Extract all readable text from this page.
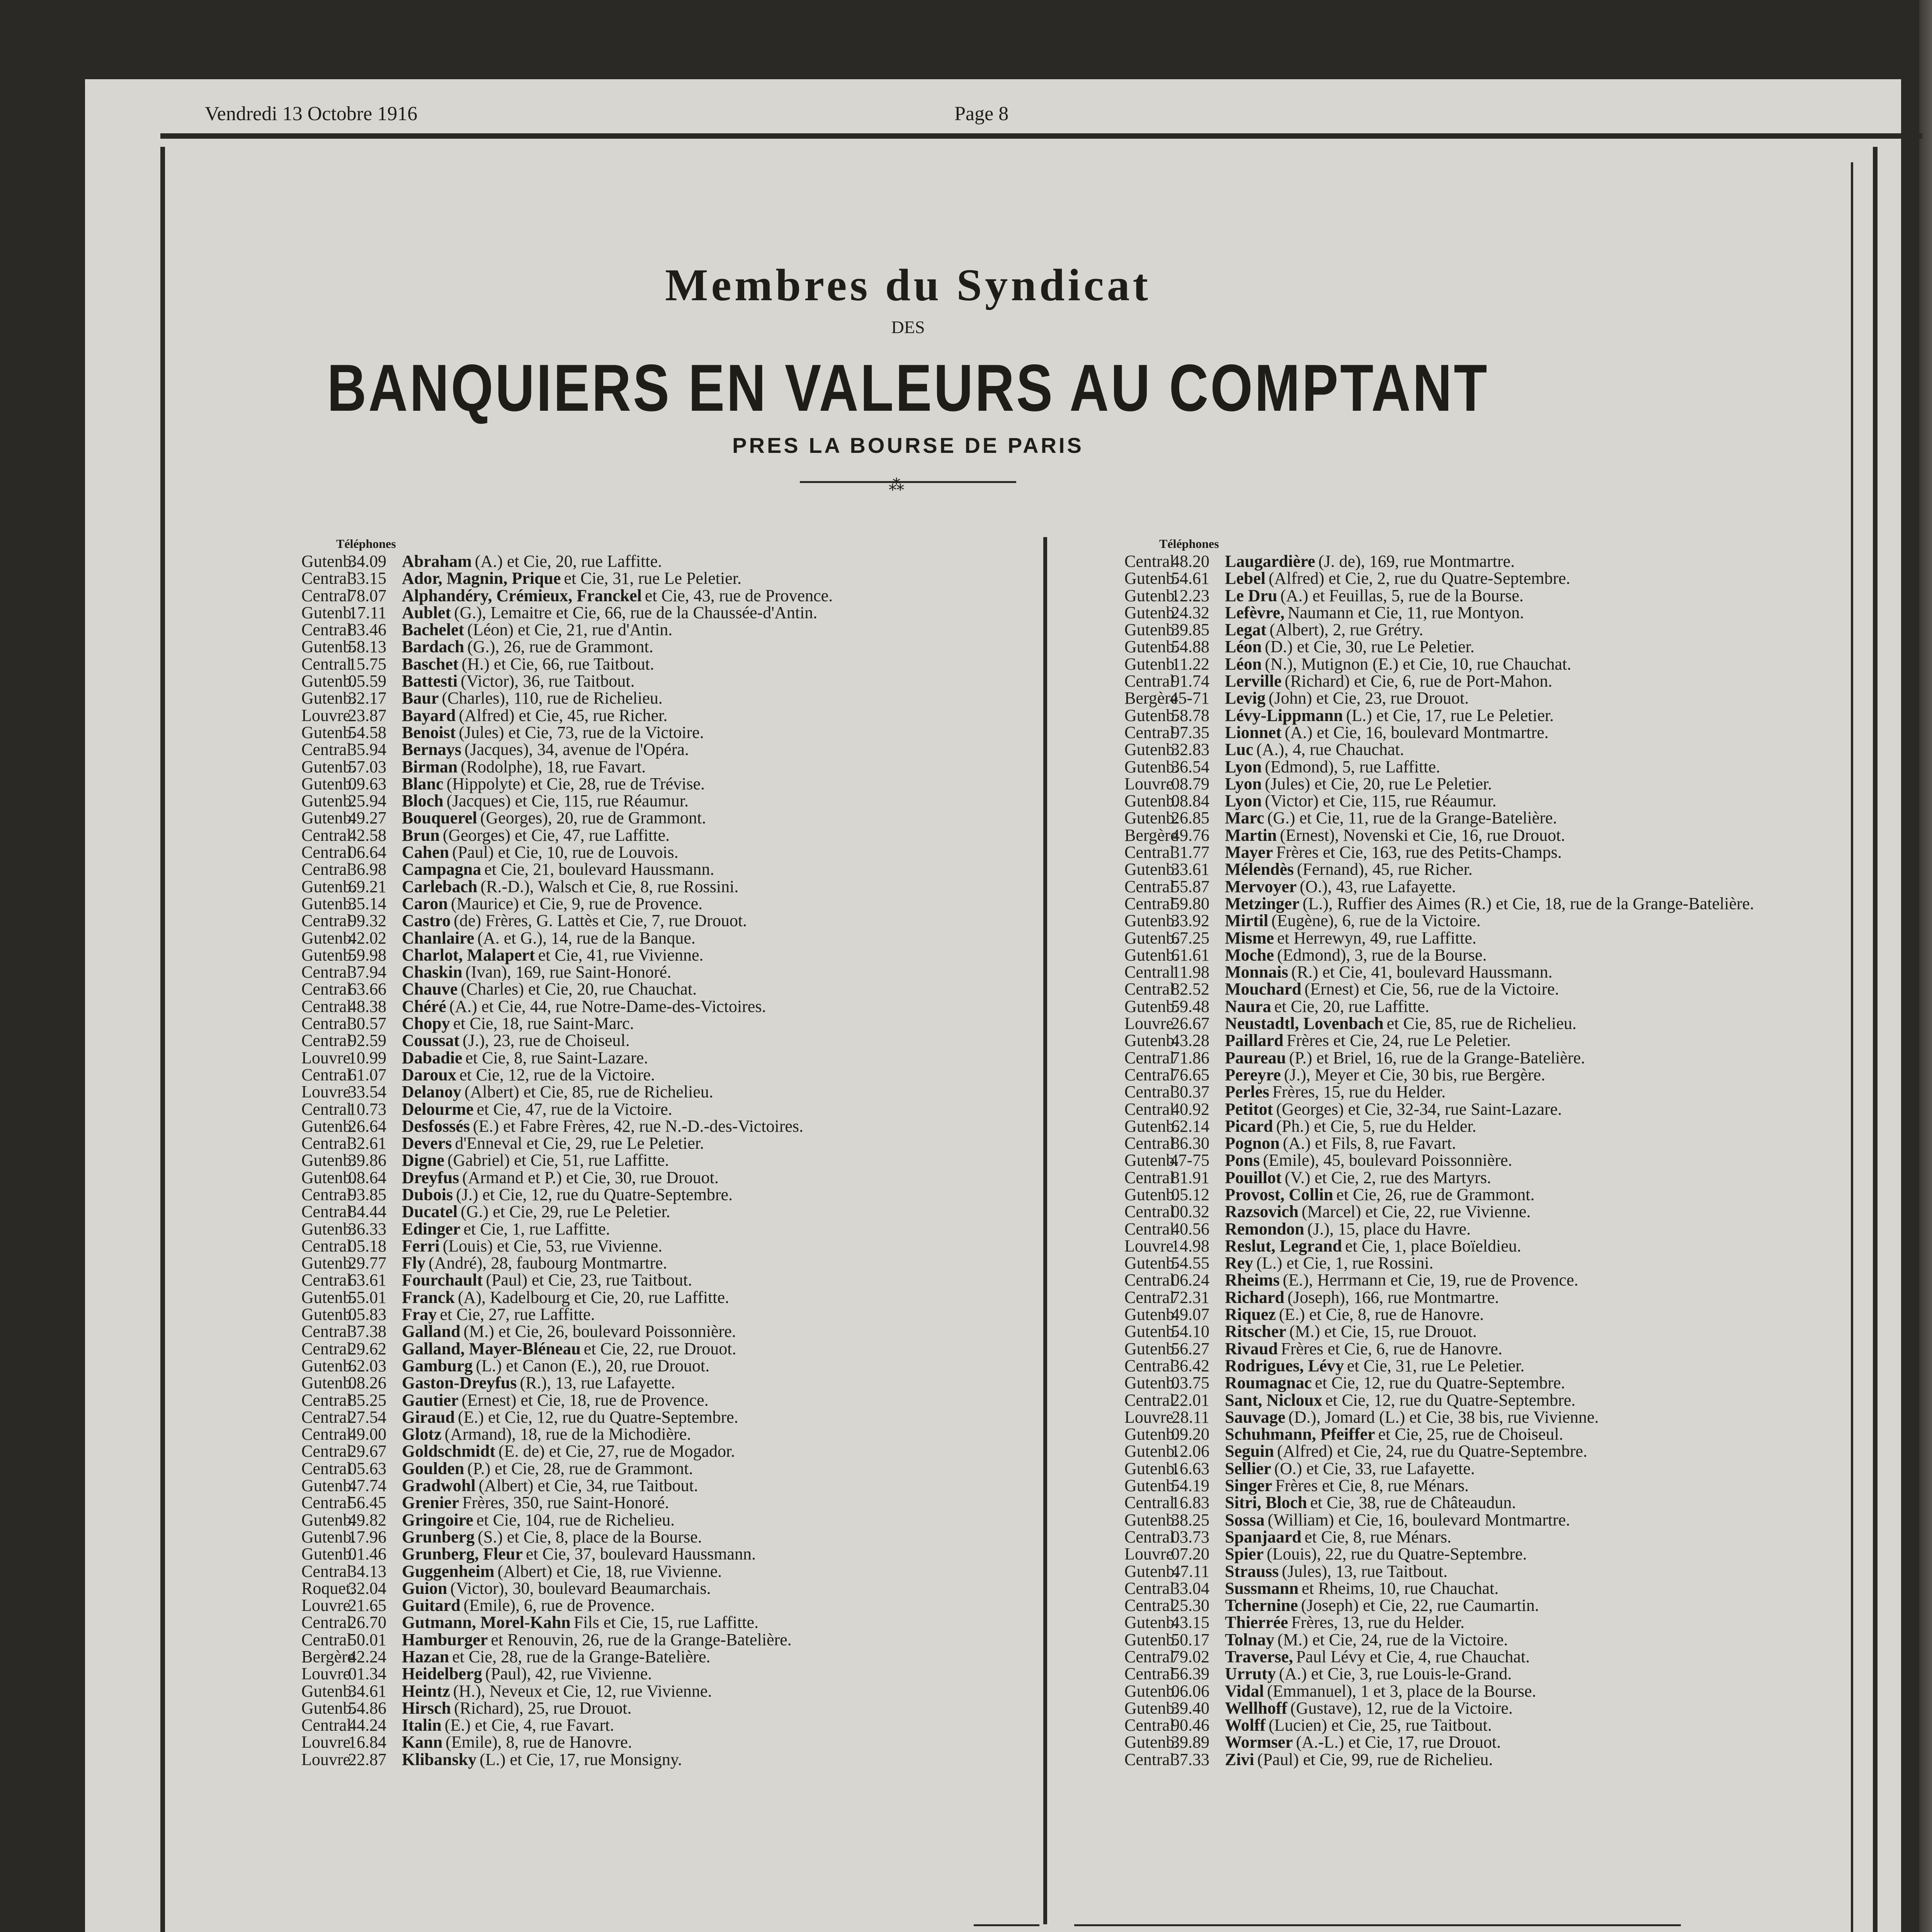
Vendredi 13 Octobre 1916	Page 8
Membres du Syndicat
DES
BANQUIERS EN VALEURS AU COMPTANT
PRES LA BOURSE DE PARIS
⁂
Téléphones
Gutenb.
34.09 Abraham (A.) et Cie, 20, rue Laffitte.
Central
33.15 Ador, Magnin, Prique et Cie, 31, rue Le Peletier.
Central
78.07 Alphandéry, Crémieux, Franckel et Cie, 43, rue de Provence.
Gutenb.
17.11 Aublet (G.), Lemaitre et Cie, 66, rue de la Chaussée-d'Antin.
Central
83.46 Bachelet (Léon) et Cie, 21, rue d'Antin.
Gutenb.
58.13 Bardach (G.), 26, rue de Grammont.
Central
15.75 Baschet (H.) et Cie, 66, rue Taitbout.
Gutenb.
05.59 Battesti (Victor), 36, rue Taitbout.
Gutenb.
32.17 Baur (Charles), 110, rue de Richelieu.
Louvre
23.87 Bayard (Alfred) et Cie, 45, rue Richer.
Gutenb.
54.58 Benoist (Jules) et Cie, 73, rue de la Victoire.
Central
35.94 Bernays (Jacques), 34, avenue de l'Opéra.
Gutenb.
57.03 Birman (Rodolphe), 18, rue Favart.
Gutenb.
09.63 Blanc (Hippolyte) et Cie, 28, rue de Trévise.
Gutenb.
25.94 Bloch (Jacques) et Cie, 115, rue Réaumur.
Gutenb.
49.27 Bouquerel (Georges), 20, rue de Grammont.
Central
42.58 Brun (Georges) et Cie, 47, rue Laffitte.
Central
06.64 Cahen (Paul) et Cie, 10, rue de Louvois.
Central
36.98 Campagna et Cie, 21, boulevard Haussmann.
Gutenb.
69.21 Carlebach (R.-D.), Walsch et Cie, 8, rue Rossini.
Gutenb.
35.14 Caron (Maurice) et Cie, 9, rue de Provence.
Central
99.32 Castro (de) Frères, G. Lattès et Cie, 7, rue Drouot.
Gutenb.
42.02 Chanlaire (A. et G.), 14, rue de la Banque.
Gutenb.
59.98 Charlot, Malapert et Cie, 41, rue Vivienne.
Central
37.94 Chaskin (Ivan), 169, rue Saint-Honoré.
Central
63.66 Chauve (Charles) et Cie, 20, rue Chauchat.
Central
48.38 Chéré (A.) et Cie, 44, rue Notre-Dame-des-Victoires.
Central
30.57 Chopy et Cie, 18, rue Saint-Marc.
Central
92.59 Coussat (J.), 23, rue de Choiseul.
Louvre
10.99 Dabadie et Cie, 8, rue Saint-Lazare.
Central
61.07 Daroux et Cie, 12, rue de la Victoire.
Louvre
33.54 Delanoy (Albert) et Cie, 85, rue de Richelieu.
Central
10.73 Delourme et Cie, 47, rue de la Victoire.
Gutenb.
26.64 Desfossés (E.) et Fabre Frères, 42, rue N.-D.-des-Victoires.
Central
32.61 Devers d'Enneval et Cie, 29, rue Le Peletier.
Gutenb.
39.86 Digne (Gabriel) et Cie, 51, rue Laffitte.
Gutenb.
08.64 Dreyfus (Armand et P.) et Cie, 30, rue Drouot.
Central
93.85 Dubois (J.) et Cie, 12, rue du Quatre-Septembre.
Central
84.44 Ducatel (G.) et Cie, 29, rue Le Peletier.
Gutenb.
36.33 Edinger et Cie, 1, rue Laffitte.
Central
05.18 Ferri (Louis) et Cie, 53, rue Vivienne.
Gutenb.
29.77 Fly (André), 28, faubourg Montmartre.
Central
63.61 Fourchault (Paul) et Cie, 23, rue Taitbout.
Gutenb.
55.01 Franck (A), Kadelbourg et Cie, 20, rue Laffitte.
Gutenb.
05.83 Fray et Cie, 27, rue Laffitte.
Central
37.38 Galland (M.) et Cie, 26, boulevard Poissonnière.
Central
29.62 Galland, Mayer-Bléneau et Cie, 22, rue Drouot.
Gutenb.
62.03 Gamburg (L.) et Canon (E.), 20, rue Drouot.
Gutenb.
08.26 Gaston-Dreyfus (R.), 13, rue Lafayette.
Central
85.25 Gautier (Ernest) et Cie, 18, rue de Provence.
Central
27.54 Giraud (E.) et Cie, 12, rue du Quatre-Septembre.
Central
49.00 Glotz (Armand), 18, rue de la Michodière.
Central
29.67 Goldschmidt (E. de) et Cie, 27, rue de Mogador.
Central
05.63 Goulden (P.) et Cie, 28, rue de Grammont.
Gutenb.
47.74 Gradwohl (Albert) et Cie, 34, rue Taitbout.
Central
56.45 Grenier Frères, 350, rue Saint-Honoré.
Gutenb.
49.82 Gringoire et Cie, 104, rue de Richelieu.
Gutenb.
17.96 Grunberg (S.) et Cie, 8, place de la Bourse.
Gutenb.
01.46 Grunberg, Fleur et Cie, 37, boulevard Haussmann.
Central
34.13 Guggenheim (Albert) et Cie, 18, rue Vivienne.
Roquet.
32.04 Guion (Victor), 30, boulevard Beaumarchais.
Louvre
21.65 Guitard (Emile), 6, rue de Provence.
Central
26.70 Gutmann, Morel-Kahn Fils et Cie, 15, rue Laffitte.
Central
50.01 Hamburger et Renouvin, 26, rue de la Grange-Batelière.
Bergère
42.24 Hazan et Cie, 28, rue de la Grange-Batelière.
Louvre
01.34 Heidelberg (Paul), 42, rue Vivienne.
Gutenb.
34.61 Heintz (H.), Neveux et Cie, 12, rue Vivienne.
Gutenb.
54.86 Hirsch (Richard), 25, rue Drouot.
Central
44.24 Italin (E.) et Cie, 4, rue Favart.
Louvre
16.84 Kann (Emile), 8, rue de Hanovre.
Louvre
22.87 Klibansky (L.) et Cie, 17, rue Monsigny.
Téléphones
Central
48.20 Laugardière (J. de), 169, rue Montmartre.
Gutenb.
54.61 Lebel (Alfred) et Cie, 2, rue du Quatre-Septembre.
Gutenb.
12.23 Le Dru (A.) et Feuillas, 5, rue de la Bourse.
Gutenb.
24.32 Lefèvre, Naumann et Cie, 11, rue Montyon.
Gutenb.
39.85 Legat (Albert), 2, rue Grétry.
Gutenb.
54.88 Léon (D.) et Cie, 30, rue Le Peletier.
Gutenb.
11.22 Léon (N.), Mutignon (E.) et Cie, 10, rue Chauchat.
Central
91.74 Lerville (Richard) et Cie, 6, rue de Port-Mahon.
Bergère
45-71 Levig (John) et Cie, 23, rue Drouot.
Gutenb.
58.78 Lévy-Lippmann (L.) et Cie, 17, rue Le Peletier.
Central
97.35 Lionnet (A.) et Cie, 16, boulevard Montmartre.
Gutenb.
32.83 Luc (A.), 4, rue Chauchat.
Gutenb.
36.54 Lyon (Edmond), 5, rue Laffitte.
Louvre
08.79 Lyon (Jules) et Cie, 20, rue Le Peletier.
Gutenb.
08.84 Lyon (Victor) et Cie, 115, rue Réaumur.
Gutenb.
26.85 Marc (G.) et Cie, 11, rue de la Grange-Batelière.
Bergère
49.76 Martin (Ernest), Novenski et Cie, 16, rue Drouot.
Central
31.77 Mayer Frères et Cie, 163, rue des Petits-Champs.
Gutenb.
33.61 Mélendès (Fernand), 45, rue Richer.
Central
55.87 Mervoyer (O.), 43, rue Lafayette.
Central
59.80 Metzinger (L.), Ruffier des Aimes (R.) et Cie, 18, rue de la Grange-Batelière.
Gutenb.
33.92 Mirtil (Eugène), 6, rue de la Victoire.
Gutenb.
67.25 Misme et Herrewyn, 49, rue Laffitte.
Gutenb.
61.61 Moche (Edmond), 3, rue de la Bourse.
Central
11.98 Monnais (R.) et Cie, 41, boulevard Haussmann.
Central
82.52 Mouchard (Ernest) et Cie, 56, rue de la Victoire.
Gutenb.
59.48 Naura et Cie, 20, rue Laffitte.
Louvre
26.67 Neustadtl, Lovenbach et Cie, 85, rue de Richelieu.
Gutenb.
43.28 Paillard Frères et Cie, 24, rue Le Peletier.
Central
71.86 Paureau (P.) et Briel, 16, rue de la Grange-Batelière.
Central
76.65 Pereyre (J.), Meyer et Cie, 30 bis, rue Bergère.
Central
30.37 Perles Frères, 15, rue du Helder.
Central
40.92 Petitot (Georges) et Cie, 32-34, rue Saint-Lazare.
Gutenb.
62.14 Picard (Ph.) et Cie, 5, rue du Helder.
Central
86.30 Pognon (A.) et Fils, 8, rue Favart.
Gutenb.
47-75 Pons (Emile), 45, boulevard Poissonnière.
Central
81.91 Pouillot (V.) et Cie, 2, rue des Martyrs.
Gutenb.
05.12 Provost, Collin et Cie, 26, rue de Grammont.
Central
00.32 Razsovich (Marcel) et Cie, 22, rue Vivienne.
Central
40.56 Remondon (J.), 15, place du Havre.
Louvre
14.98 Reslut, Legrand et Cie, 1, place Boïeldieu.
Gutenb.
54.55 Rey (L.) et Cie, 1, rue Rossini.
Central
06.24 Rheims (E.), Herrmann et Cie, 19, rue de Provence.
Central
72.31 Richard (Joseph), 166, rue Montmartre.
Gutenb.
49.07 Riquez (E.) et Cie, 8, rue de Hanovre.
Gutenb.
54.10 Ritscher (M.) et Cie, 15, rue Drouot.
Gutenb.
56.27 Rivaud Frères et Cie, 6, rue de Hanovre.
Central
36.42 Rodrigues, Lévy et Cie, 31, rue Le Peletier.
Gutenb.
03.75 Roumagnac et Cie, 12, rue du Quatre-Septembre.
Central
22.01 Sant, Nicloux et Cie, 12, rue du Quatre-Septembre.
Louvre
28.11 Sauvage (D.), Jomard (L.) et Cie, 38 bis, rue Vivienne.
Gutenb.
09.20 Schuhmann, Pfeiffer et Cie, 25, rue de Choiseul.
Gutenb.
12.06 Seguin (Alfred) et Cie, 24, rue du Quatre-Septembre.
Gutenb.
16.63 Sellier (O.) et Cie, 33, rue Lafayette.
Gutenb.
54.19 Singer Frères et Cie, 8, rue Ménars.
Central
16.83 Sitri, Bloch et Cie, 38, rue de Châteaudun.
Gutenb.
38.25 Sossa (William) et Cie, 16, boulevard Montmartre.
Central
03.73 Spanjaard et Cie, 8, rue Ménars.
Louvre
07.20 Spier (Louis), 22, rue du Quatre-Septembre.
Gutenb.
47.11 Strauss (Jules), 13, rue Taitbout.
Central
33.04 Sussmann et Rheims, 10, rue Chauchat.
Central
25.30 Tchernine (Joseph) et Cie, 22, rue Caumartin.
Gutenb.
43.15 Thierrée Frères, 13, rue du Helder.
Gutenb.
50.17 Tolnay (M.) et Cie, 24, rue de la Victoire.
Central
79.02 Traverse, Paul Lévy et Cie, 4, rue Chauchat.
Central
56.39 Urruty (A.) et Cie, 3, rue Louis-le-Grand.
Gutenb.
06.06 Vidal (Emmanuel), 1 et 3, place de la Bourse.
Gutenb.
39.40 Wellhoff (Gustave), 12, rue de la Victoire.
Central
90.46 Wolff (Lucien) et Cie, 25, rue Taitbout.
Gutenb.
39.89 Wormser (A.-L.) et Cie, 17, rue Drouot.
Central
37.33 Zivi (Paul) et Cie, 99, rue de Richelieu.
